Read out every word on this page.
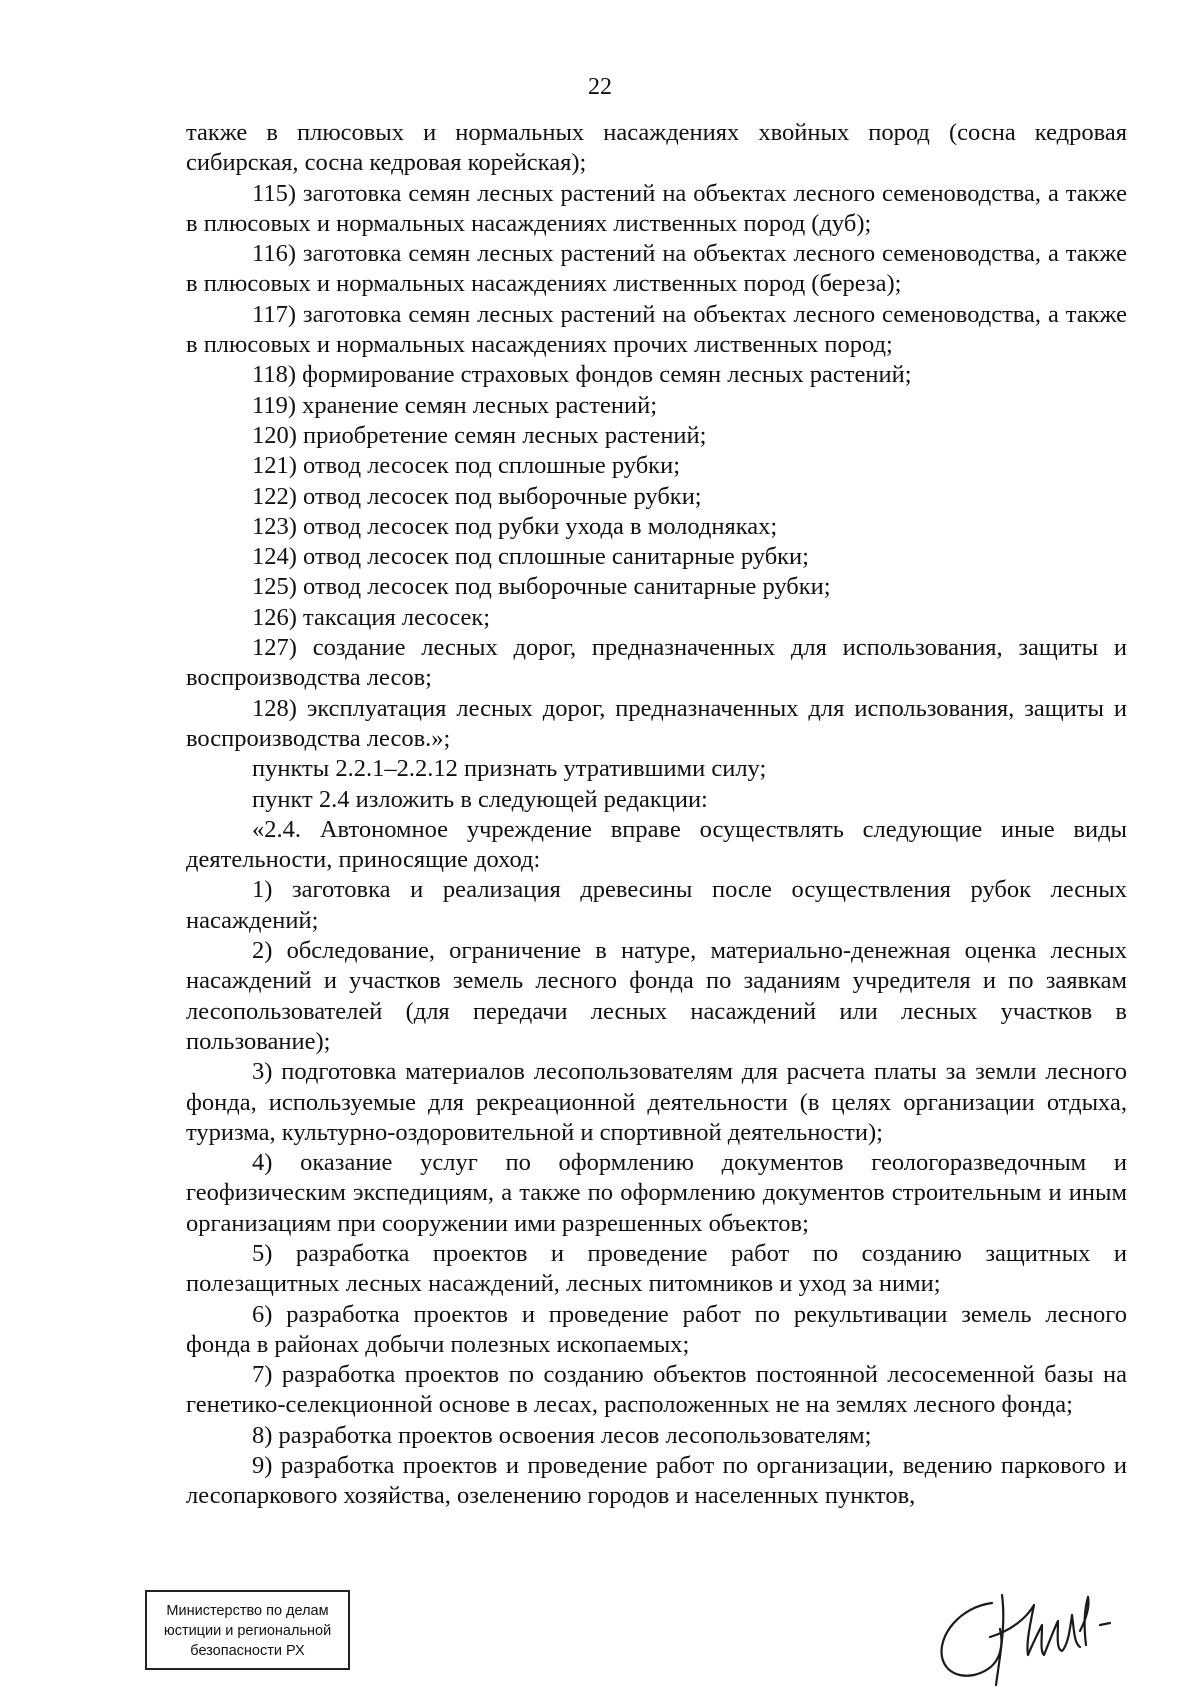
22

также в плюсовых и нормальных насаждениях хвойных пород (сосна кедровая сибирская, сосна кедровая корейская);

115) заготовка семян лесных растений на объектах лесного семеноводства, а также в плюсовых и нормальных насаждениях лиственных пород (дуб);

116) заготовка семян лесных растений на объектах лесного семеноводства, а также в плюсовых и нормальных насаждениях лиственных пород (береза);

117) заготовка семян лесных растений на объектах лесного семеноводства, а также в плюсовых и нормальных насаждениях прочих лиственных пород;

118) формирование страховых фондов семян лесных растений;

119) хранение семян лесных растений;

120) приобретение семян лесных растений;

121) отвод лесосек под сплошные рубки;

122) отвод лесосек под выборочные рубки;

123) отвод лесосек под рубки ухода в молодняках;

124) отвод лесосек под сплошные санитарные рубки;

125) отвод лесосек под выборочные санитарные рубки;

126) таксация лесосек;

127) создание лесных дорог, предназначенных для использования, защиты и воспроизводства лесов;

128) эксплуатация лесных дорог, предназначенных для использования, защиты и воспроизводства лесов.»;

пункты 2.2.1–2.2.12 признать утратившими силу;

пункт 2.4 изложить в следующей редакции:

«2.4. Автономное учреждение вправе осуществлять следующие иные виды деятельности, приносящие доход:

1) заготовка и реализация древесины после осуществления рубок лесных насаждений;

2) обследование, ограничение в натуре, материально-денежная оценка лесных насаждений и участков земель лесного фонда по заданиям учредителя и по заявкам лесопользователей (для передачи лесных насаждений или лесных участков в пользование);

3) подготовка материалов лесопользователям для расчета платы за земли лесного фонда, используемые для рекреационной деятельности (в целях организации отдыха, туризма, культурно-оздоровительной и спортивной деятельности);

4) оказание услуг по оформлению документов геологоразведочным и геофизическим экспедициям, а также по оформлению документов строительным и иным организациям при сооружении ими разрешенных объектов;

5) разработка проектов и проведение работ по созданию защитных и полезащитных лесных насаждений, лесных питомников и уход за ними;

6) разработка проектов и проведение работ по рекультивации земель лесного фонда в районах добычи полезных ископаемых;

7) разработка проектов по созданию объектов постоянной лесосеменной базы на генетико-селекционной основе в лесах, расположенных не на землях лесного фонда;

8) разработка проектов освоения лесов лесопользователям;

9) разработка проектов и проведение работ по организации, ведению паркового и лесопаркового хозяйства, озеленению городов и населенных пунктов,

Министерство по делам
юстиции и региональной
безопасности РХ
